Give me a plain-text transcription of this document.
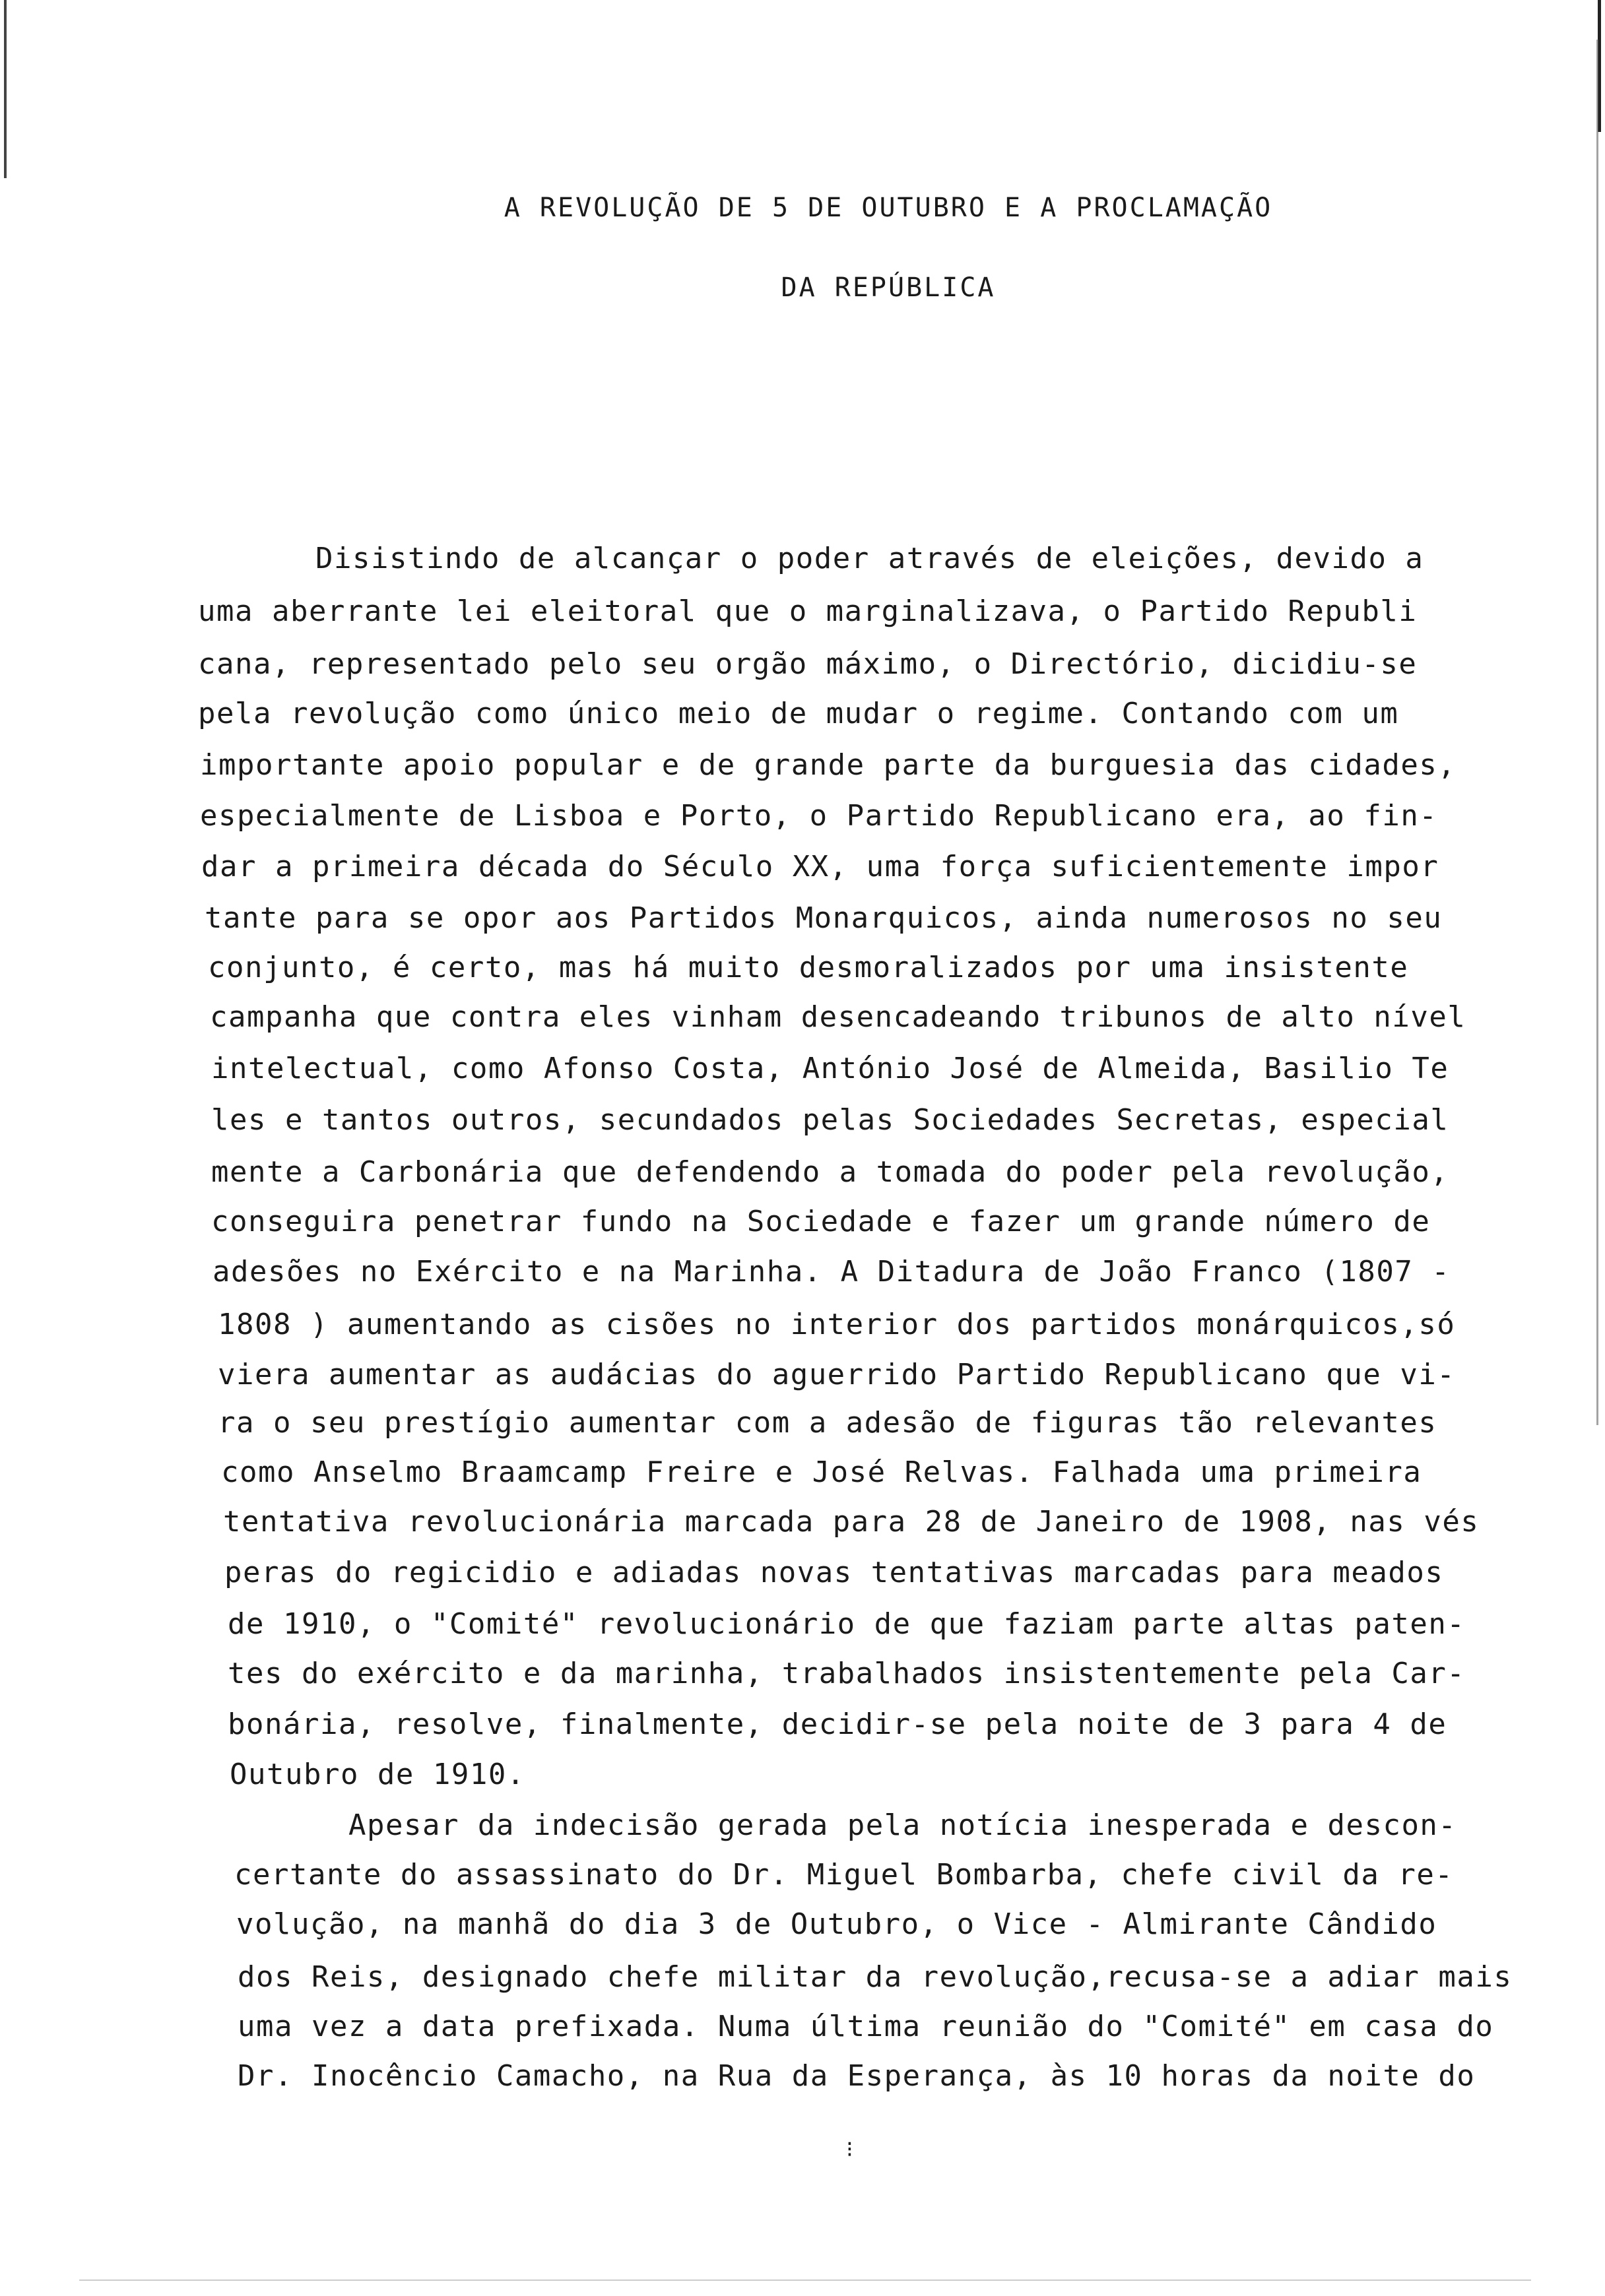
A REVOLUÇÃO DE 5 DE OUTUBRO E A PROCLAMAÇÃO
DA REPÚBLICA
Disistindo de alcançar o poder através de eleições, devido a
uma aberrante lei eleitoral que o marginalizava, o Partido Republi
cana, representado pelo seu orgão máximo, o Directório, dicidiu-se
pela revolução como único meio de mudar o regime. Contando com um
importante apoio popular e de grande parte da burguesia das cidades,
especialmente de Lisboa e Porto, o Partido Republicano era, ao fin-
dar a primeira década do Século XX, uma força suficientemente impor
tante para se opor aos Partidos Monarquicos, ainda numerosos no seu
conjunto, é certo, mas há muito desmoralizados por uma insistente
campanha que contra eles vinham desencadeando tribunos de alto nível
intelectual, como Afonso Costa, António José de Almeida, Basilio Te
les e tantos outros, secundados pelas Sociedades Secretas, especial
mente a Carbonária que defendendo a tomada do poder pela revolução,
conseguira penetrar fundo na Sociedade e fazer um grande número de
adesões no Exército e na Marinha. A Ditadura de João Franco (1807 -
1808 ) aumentando as cisões no interior dos partidos monárquicos,só
viera aumentar as audácias do aguerrido Partido Republicano que vi-
ra o seu prestígio aumentar com a adesão de figuras tão relevantes
como Anselmo Braamcamp Freire e José Relvas. Falhada uma primeira
tentativa revolucionária marcada para 28 de Janeiro de 1908, nas vés
peras do regicidio e adiadas novas tentativas marcadas para meados
de 1910, o "Comité" revolucionário de que faziam parte altas paten-
tes do exército e da marinha, trabalhados insistentemente pela Car-
bonária, resolve, finalmente, decidir-se pela noite de 3 para 4 de
Outubro de 1910.
Apesar da indecisão gerada pela notícia inesperada e descon-
certante do assassinato do Dr. Miguel Bombarba, chefe civil da re-
volução, na manhã do dia 3 de Outubro, o Vice - Almirante Cândido
dos Reis, designado chefe militar da revolução,recusa-se a adiar mais
uma vez a data prefixada. Numa última reunião do "Comité" em casa do
Dr. Inocêncio Camacho, na Rua da Esperança, às 10 horas da noite do
⁝
